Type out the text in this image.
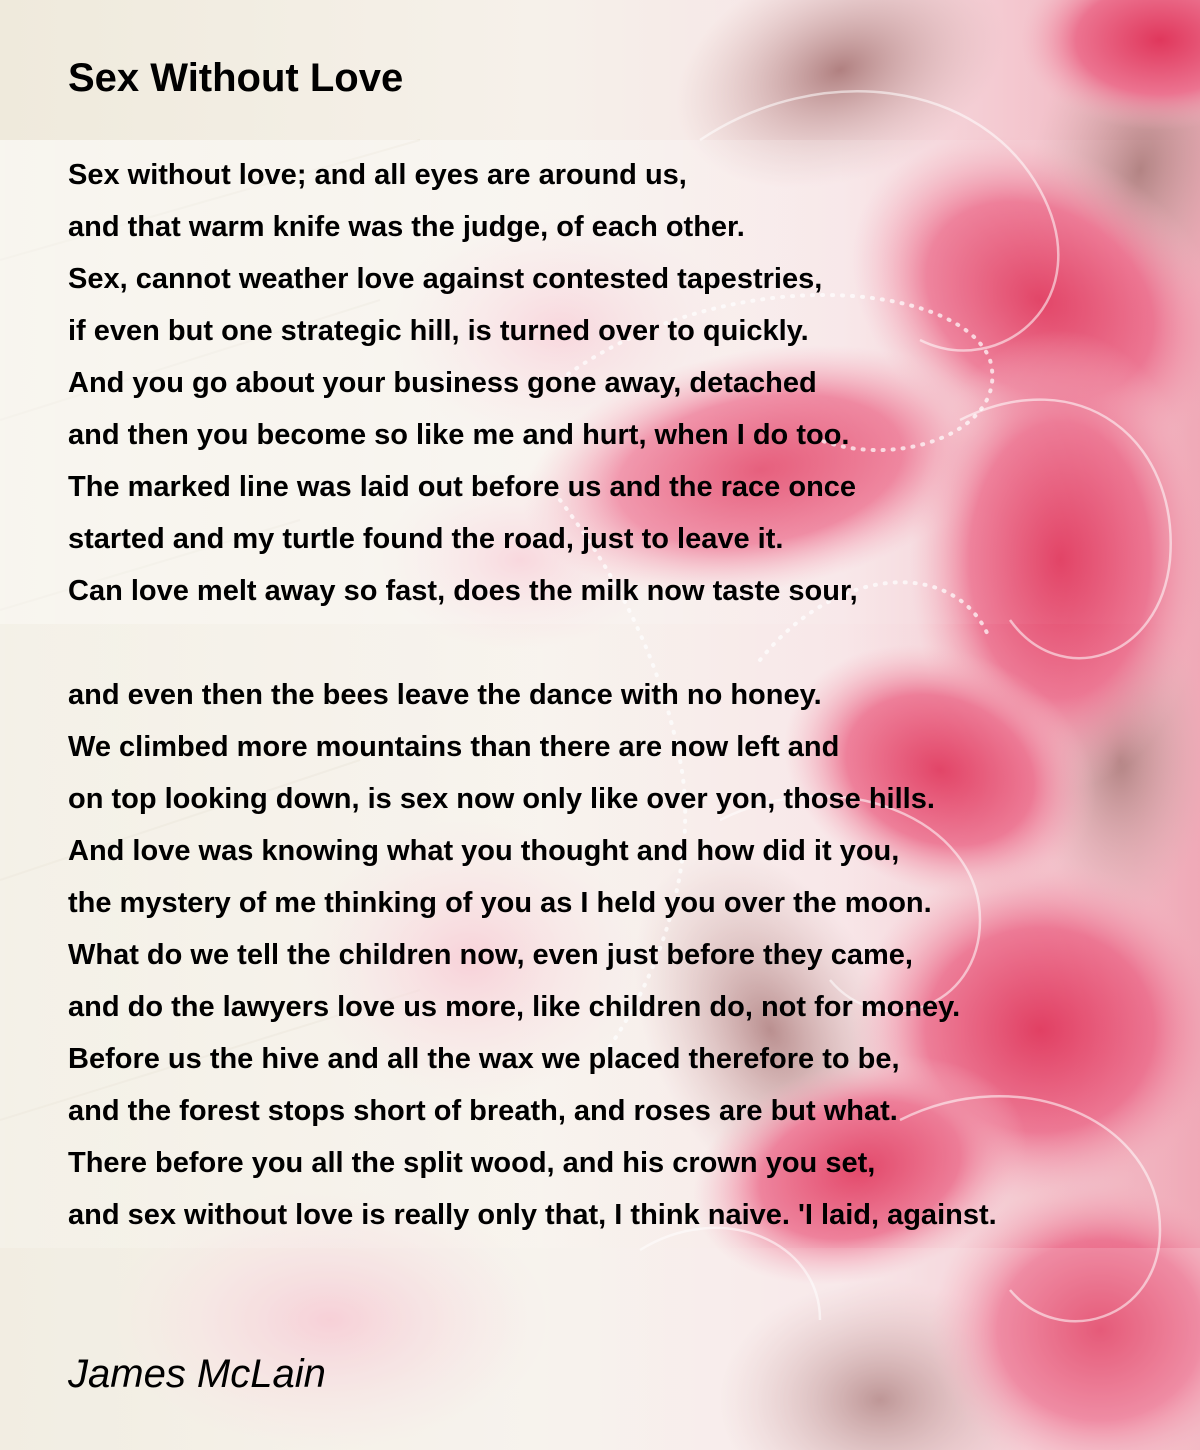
Sex Without Love
Sex without love; and all eyes are around us,
and that warm knife was the judge, of each other.
Sex, cannot weather love against contested tapestries,
if even but one strategic hill, is turned over to quickly.
And you go about your business gone away, detached
and then you become so like me and hurt, when I do too.
The marked line was laid out before us and the race once
started and my turtle found the road, just to leave it.
Can love melt away so fast, does the milk now taste sour,
and even then the bees leave the dance with no honey.
We climbed more mountains than there are now left and
on top looking down, is sex now only like over yon, those hills.
And love was knowing what you thought and how did it you,
the mystery of me thinking of you as I held you over the moon.
What do we tell the children now, even just before they came,
and do the lawyers love us more, like children do, not for money.
Before us the hive and all the wax we placed therefore to be,
and the forest stops short of breath, and roses are but what.
There before you all the split wood, and his crown you set,
and sex without love is really only that, I think naive. 'I laid, against.
James McLain
